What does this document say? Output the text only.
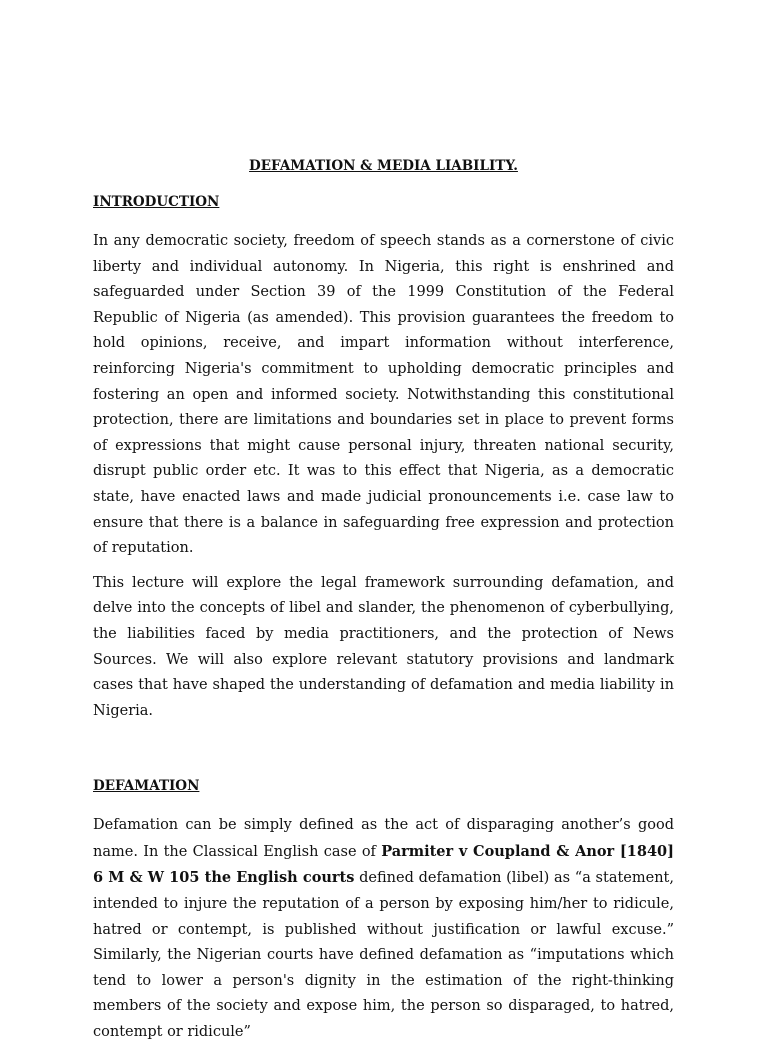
DEFAMATION & MEDIA LIABILITY.
INTRODUCTION

In any democratic society, freedom of speech stands as a cornerstone of civic liberty and individual autonomy. In Nigeria, this right is enshrined and safeguarded under Section 39 of the 1999 Constitution of the Federal Republic of Nigeria (as amended). This provision guarantees the freedom to hold opinions, receive, and impart information without interference, reinforcing Nigeria's commitment to upholding democratic principles and fostering an open and informed society. Notwithstanding this constitutional protection, there are limitations and boundaries set in place to prevent forms of expressions that might cause personal injury, threaten national security, disrupt public order etc. It was to this effect that Nigeria, as a democratic state, have enacted laws and made judicial pronouncements i.e. case law to ensure that there is a balance in safeguarding free expression and protection of reputation.

This lecture will explore the legal framework surrounding defamation, and delve into the concepts of libel and slander, the phenomenon of cyberbullying, the liabilities faced by media practitioners, and the protection of News Sources. We will also explore relevant statutory provisions and landmark cases that have shaped the understanding of defamation and media liability in Nigeria.

DEFAMATION

Defamation can be simply defined as the act of disparaging another’s good name. In the Classical English case of Parmiter v Coupland & Anor [1840] 6 M & W 105 the English courts defined defamation (libel) as “a statement, intended to injure the reputation of a person by exposing him/her to ridicule, hatred or contempt, is published without justification or lawful excuse.” Similarly, the Nigerian courts have defined defamation as “imputations which tend to lower a person's dignity in the estimation of the right-thinking members of the society and expose him, the person so disparaged, to hatred, contempt or ridicule”
